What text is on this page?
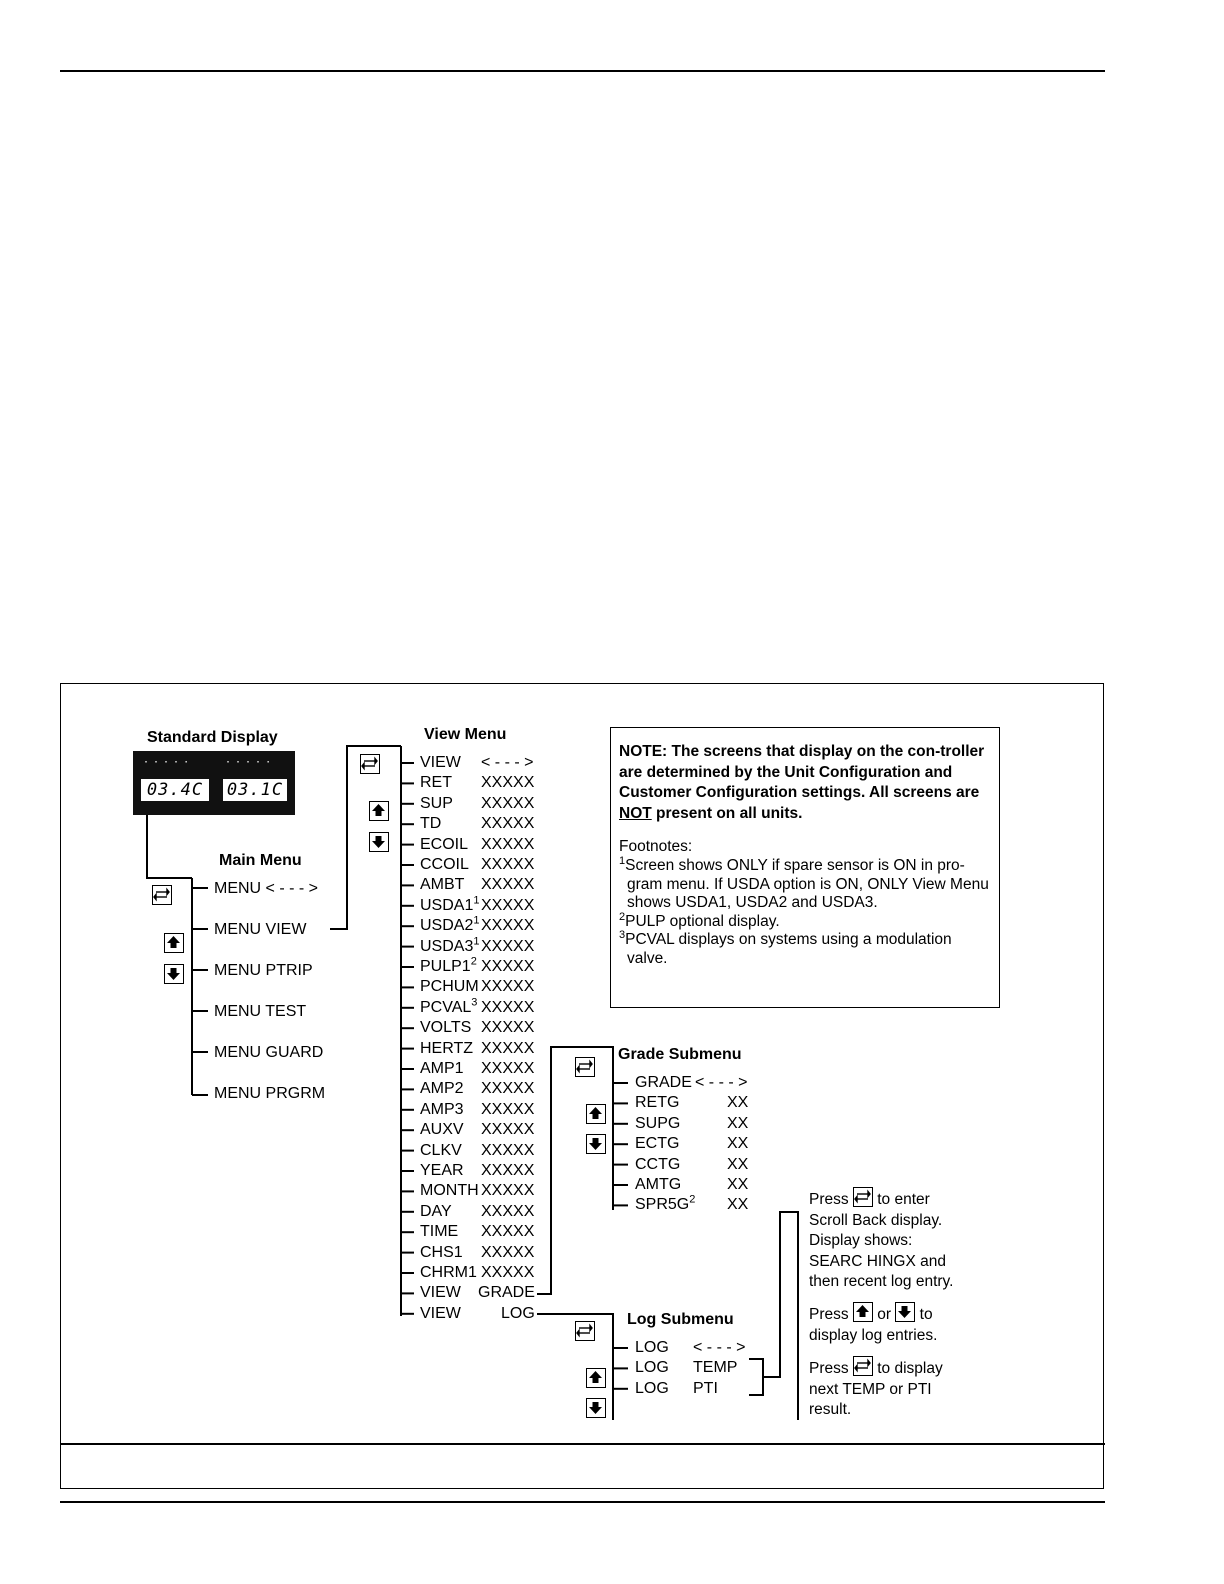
Standard Display
·····	·····
03.4C	03.1C
Main Menu
MENU < - - - >
MENU VIEW
MENU PTRIP
MENU TEST
MENU GUARD
MENU PRGRM
View Menu
VIEW < - - - >
RET XXXXX
SUP XXXXX
TD XXXXX
ECOIL XXXXX
CCOIL XXXXX
AMBT XXXXX
$USDA1^1$ XXXXX
$USDA2^1$ XXXXX
$USDA3^1$ XXXXX
$PULP1^2$ XXXXX
PCHUM XXXXX
PCVAL$^3$ XXXXX
VOLTS XXXXX
HERTZ XXXXX
AMP1 XXXXX
AMP2 XXXXX
AMP3 XXXXX
AUXV XXXXX
CLKV XXXXX
YEAR XXXXX
MONTH XXXXX
DAY XXXXX
TIME XXXXX
CHS1 XXXXX
CHRM1 XXXXX
VIEW GRADE
VIEW	LOG
NOTE: The screens that display on the con-troller are determined by the Unit Configuration and Customer Configuration settings. All screens are NOT present on all units.
Footnotes:
$^1$Screen shows ONLY if spare sensor is ON in pro-gram menu. If USDA option is ON, ONLY View Menu shows USDA1, USDA2 and USDA3.
$^2$PULP optional display.
$^3$PCVAL displays on systems using a modulation valve.
Grade Submenu
GRADE < - - - >
RETG	XX
SUPG	XX
ECTG	XX
CCTG	XX
AMTG	XX
$SPR5G^2$ XX
Log Submenu
LOG < - - - >
LOG TEMP
LOG PTI
Press to enter
Scroll Back display.
Display shows:
SEARC HINGX and
then recent log entry.
Press or to
display log entries.
Press to display
next TEMP or PTI
result.
